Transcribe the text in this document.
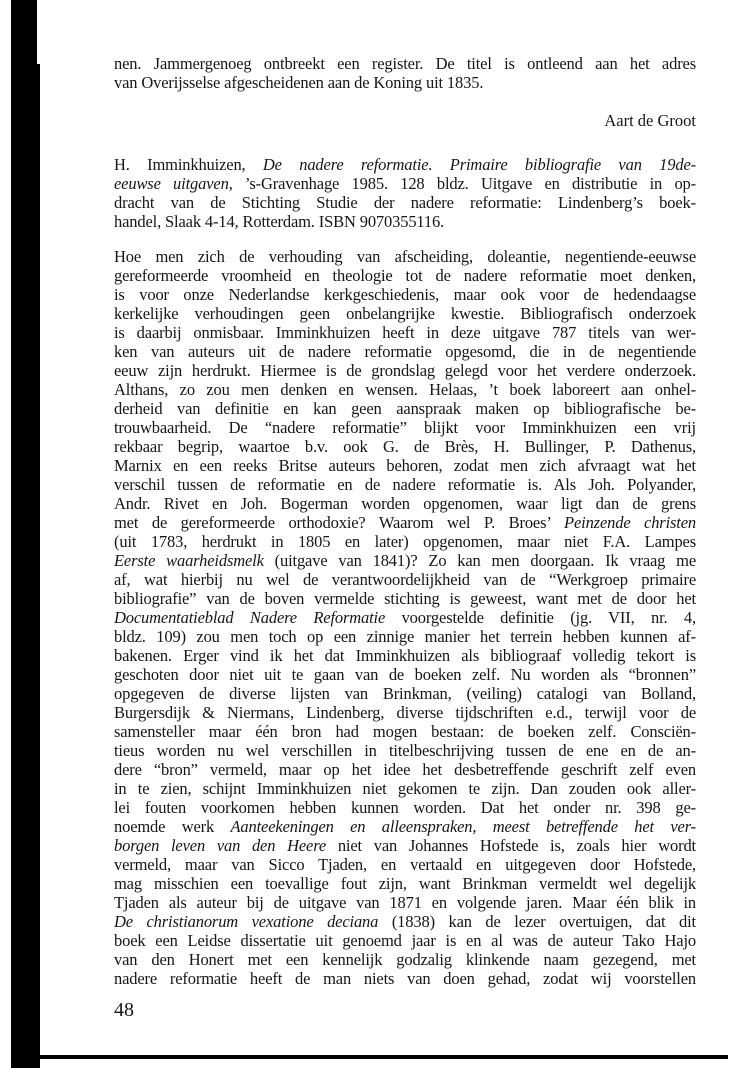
nen. Jammergenoeg ontbreekt een register. De titel is ontleend aan het adres
van Overijsselse afgescheidenen aan de Koning uit 1835.
Aart de Groot
H. Imminkhuizen, De nadere reformatie. Primaire bibliografie van 19de-
eeuwse uitgaven, ’s-Gravenhage 1985. 128 bldz. Uitgave en distributie in op-
dracht van de Stichting Studie der nadere reformatie: Lindenberg’s boek-
handel, Slaak 4-14, Rotterdam. ISBN 9070355116.
Hoe men zich de verhouding van afscheiding, doleantie, negentiende-eeuwse
gereformeerde vroomheid en theologie tot de nadere reformatie moet denken,
is voor onze Nederlandse kerkgeschiedenis, maar ook voor de hedendaagse
kerkelijke verhoudingen geen onbelangrijke kwestie. Bibliografisch onderzoek
is daarbij onmisbaar. Imminkhuizen heeft in deze uitgave 787 titels van wer-
ken van auteurs uit de nadere reformatie opgesomd, die in de negentiende
eeuw zijn herdrukt. Hiermee is de grondslag gelegd voor het verdere onderzoek.
Althans, zo zou men denken en wensen. Helaas, ’t boek laboreert aan onhel-
derheid van definitie en kan geen aanspraak maken op bibliografische be-
trouwbaarheid. De “nadere reformatie” blijkt voor Imminkhuizen een vrij
rekbaar begrip, waartoe b.v. ook G. de Brès, H. Bullinger, P. Dathenus,
Marnix en een reeks Britse auteurs behoren, zodat men zich afvraagt wat het
verschil tussen de reformatie en de nadere reformatie is. Als Joh. Polyander,
Andr. Rivet en Joh. Bogerman worden opgenomen, waar ligt dan de grens
met de gereformeerde orthodoxie? Waarom wel P. Broes’ Peinzende christen
(uit 1783, herdrukt in 1805 en later) opgenomen, maar niet F.A. Lampes
Eerste waarheidsmelk (uitgave van 1841)? Zo kan men doorgaan. Ik vraag me
af, wat hierbij nu wel de verantwoordelijkheid van de “Werkgroep primaire
bibliografie” van de boven vermelde stichting is geweest, want met de door het
Documentatieblad Nadere Reformatie voorgestelde definitie (jg. VII, nr. 4,
bldz. 109) zou men toch op een zinnige manier het terrein hebben kunnen af-
bakenen. Erger vind ik het dat Imminkhuizen als bibliograaf volledig tekort is
geschoten door niet uit te gaan van de boeken zelf. Nu worden als “bronnen”
opgegeven de diverse lijsten van Brinkman, (veiling) catalogi van Bolland,
Burgersdijk & Niermans, Lindenberg, diverse tijdschriften e.d., terwijl voor de
samensteller maar één bron had mogen bestaan: de boeken zelf. Consciën-
tieus worden nu wel verschillen in titelbeschrijving tussen de ene en de an-
dere “bron” vermeld, maar op het idee het desbetreffende geschrift zelf even
in te zien, schijnt Imminkhuizen niet gekomen te zijn. Dan zouden ook aller-
lei fouten voorkomen hebben kunnen worden. Dat het onder nr. 398 ge-
noemde werk Aanteekeningen en alleenspraken, meest betreffende het ver-
borgen leven van den Heere niet van Johannes Hofstede is, zoals hier wordt
vermeld, maar van Sicco Tjaden, en vertaald en uitgegeven door Hofstede,
mag misschien een toevallige fout zijn, want Brinkman vermeldt wel degelijk
Tjaden als auteur bij de uitgave van 1871 en volgende jaren. Maar één blik in
De christianorum vexatione deciana (1838) kan de lezer overtuigen, dat dit
boek een Leidse dissertatie uit genoemd jaar is en al was de auteur Tako Hajo
van den Honert met een kennelijk godzalig klinkende naam gezegend, met
nadere reformatie heeft de man niets van doen gehad, zodat wij voorstellen
48
